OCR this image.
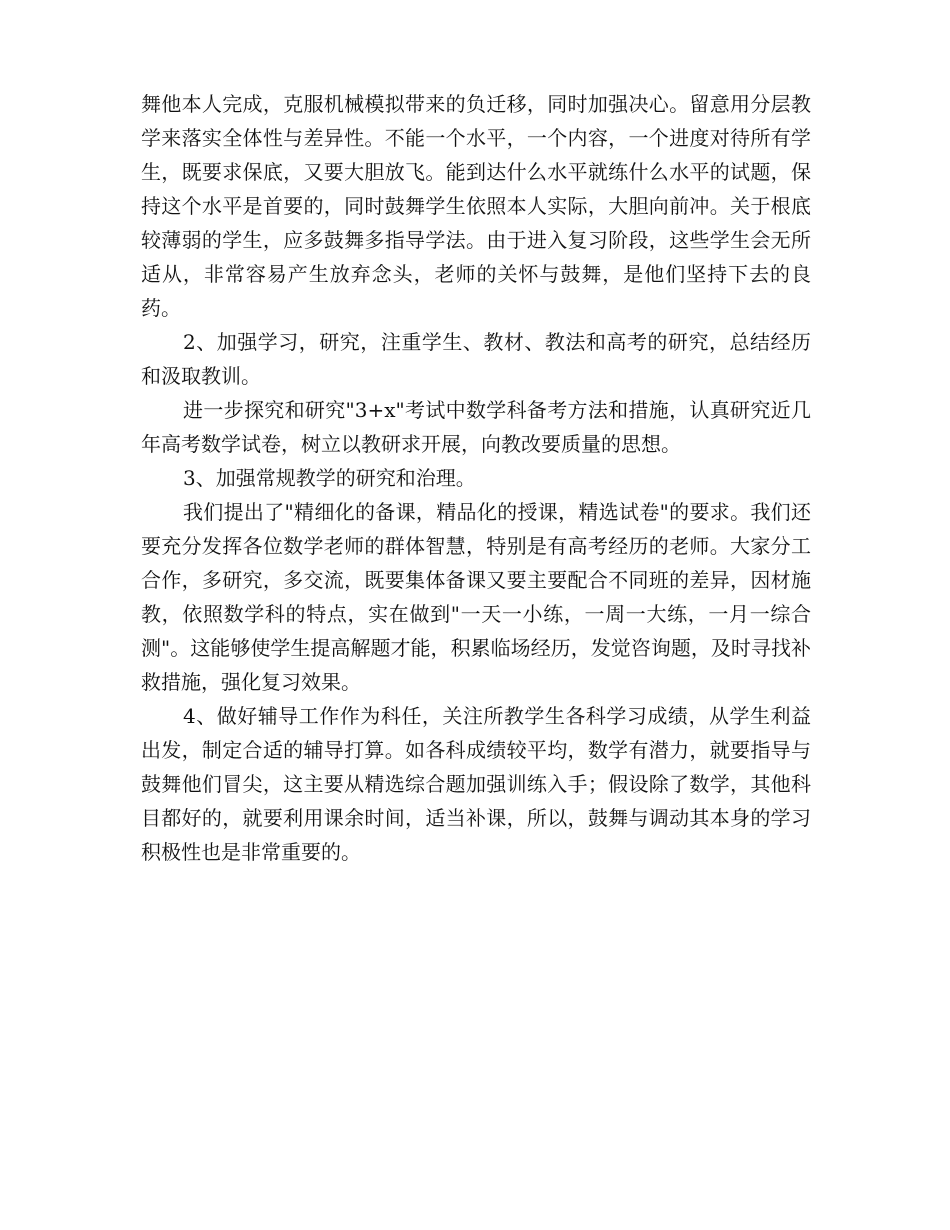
舞他本人完成，克服机械模拟带来的负迁移，同时加强决心。留意用分层教学来落实全体性与差异性。不能一个水平，一个内容，一个进度对待所有学生，既要求保底，又要大胆放飞。能到达什么水平就练什么水平的试题，保持这个水平是首要的，同时鼓舞学生依照本人实际，大胆向前冲。关于根底较薄弱的学生，应多鼓舞多指导学法。由于进入复习阶段，这些学生会无所适从，非常容易产生放弃念头，老师的关怀与鼓舞，是他们坚持下去的良药。

2、加强学习，研究，注重学生、教材、教法和高考的研究，总结经历和汲取教训。

进一步探究和研究"3+x"考试中数学科备考方法和措施，认真研究近几年高考数学试卷，树立以教研求开展，向教改要质量的思想。

3、加强常规教学的研究和治理。

我们提出了"精细化的备课，精品化的授课，精选试卷"的要求。我们还要充分发挥各位数学老师的群体智慧，特别是有高考经历的老师。大家分工合作，多研究，多交流，既要集体备课又要主要配合不同班的差异，因材施教，依照数学科的特点，实在做到"一天一小练，一周一大练，一月一综合测"。这能够使学生提高解题才能，积累临场经历，发觉咨询题，及时寻找补救措施，强化复习效果。

4、做好辅导工作作为科任，关注所教学生各科学习成绩，从学生利益出发，制定合适的辅导打算。如各科成绩较平均，数学有潜力，就要指导与鼓舞他们冒尖，这主要从精选综合题加强训练入手；假设除了数学，其他科目都好的，就要利用课余时间，适当补课，所以，鼓舞与调动其本身的学习积极性也是非常重要的。
